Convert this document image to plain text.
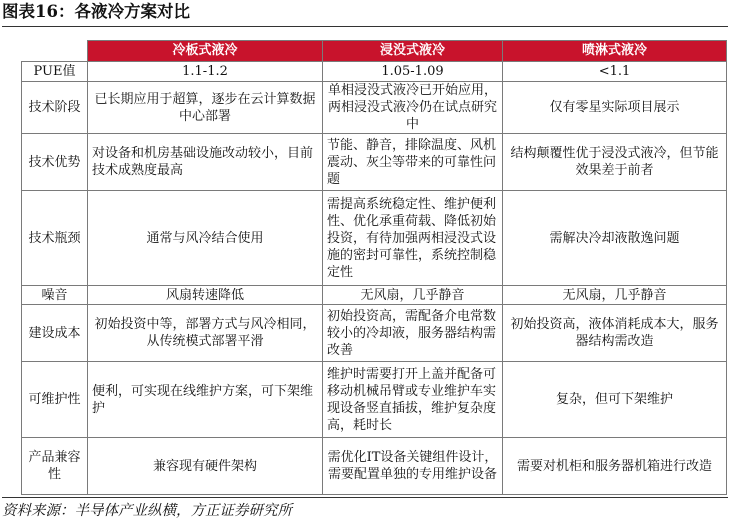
图表16：各液冷方案对比
	冷板式液冷	浸没式液冷	喷淋式液冷
PUE值	1.1-1.2	1.05-1.09	<1.1
技术阶段	已长期应用于超算，逐步在云计算数据中心部署	单相浸没式液冷已开始应用，两相浸没式液冷仍在试点研究中	仅有零星实际项目展示
技术优势	对设备和机房基础设施改动较小，目前技术成熟度最高	节能、静音，排除温度、风机震动、灰尘等带来的可靠性问题	结构颠覆性优于浸没式液冷，但节能效果差于前者
技术瓶颈	通常与风冷结合使用	需提高系统稳定性、维护便利性、优化承重荷载、降低初始投资，有待加强两相浸没式设施的密封可靠性，系统控制稳定性	需解决冷却液散逸问题
噪音	风扇转速降低	无风扇，几乎静音	无风扇，几乎静音
建设成本	初始投资中等，部署方式与风冷相同，从传统模式部署平滑	初始投资高，需配备介电常数较小的冷却液，服务器结构需改善	初始投资高，液体消耗成本大，服务器结构需改造
可维护性	便利，可实现在线维护方案，可下架维护	维护时需要打开上盖并配备可移动机械吊臂或专业维护车实现设备竖直插拔，维护复杂度高，耗时长	复杂，但可下架维护
产品兼容性	兼容现有硬件架构	需优化IT设备关键组件设计，需要配置单独的专用维护设备	需要对机柜和服务器机箱进行改造
资料来源：半导体产业纵横，方正证券研究所
